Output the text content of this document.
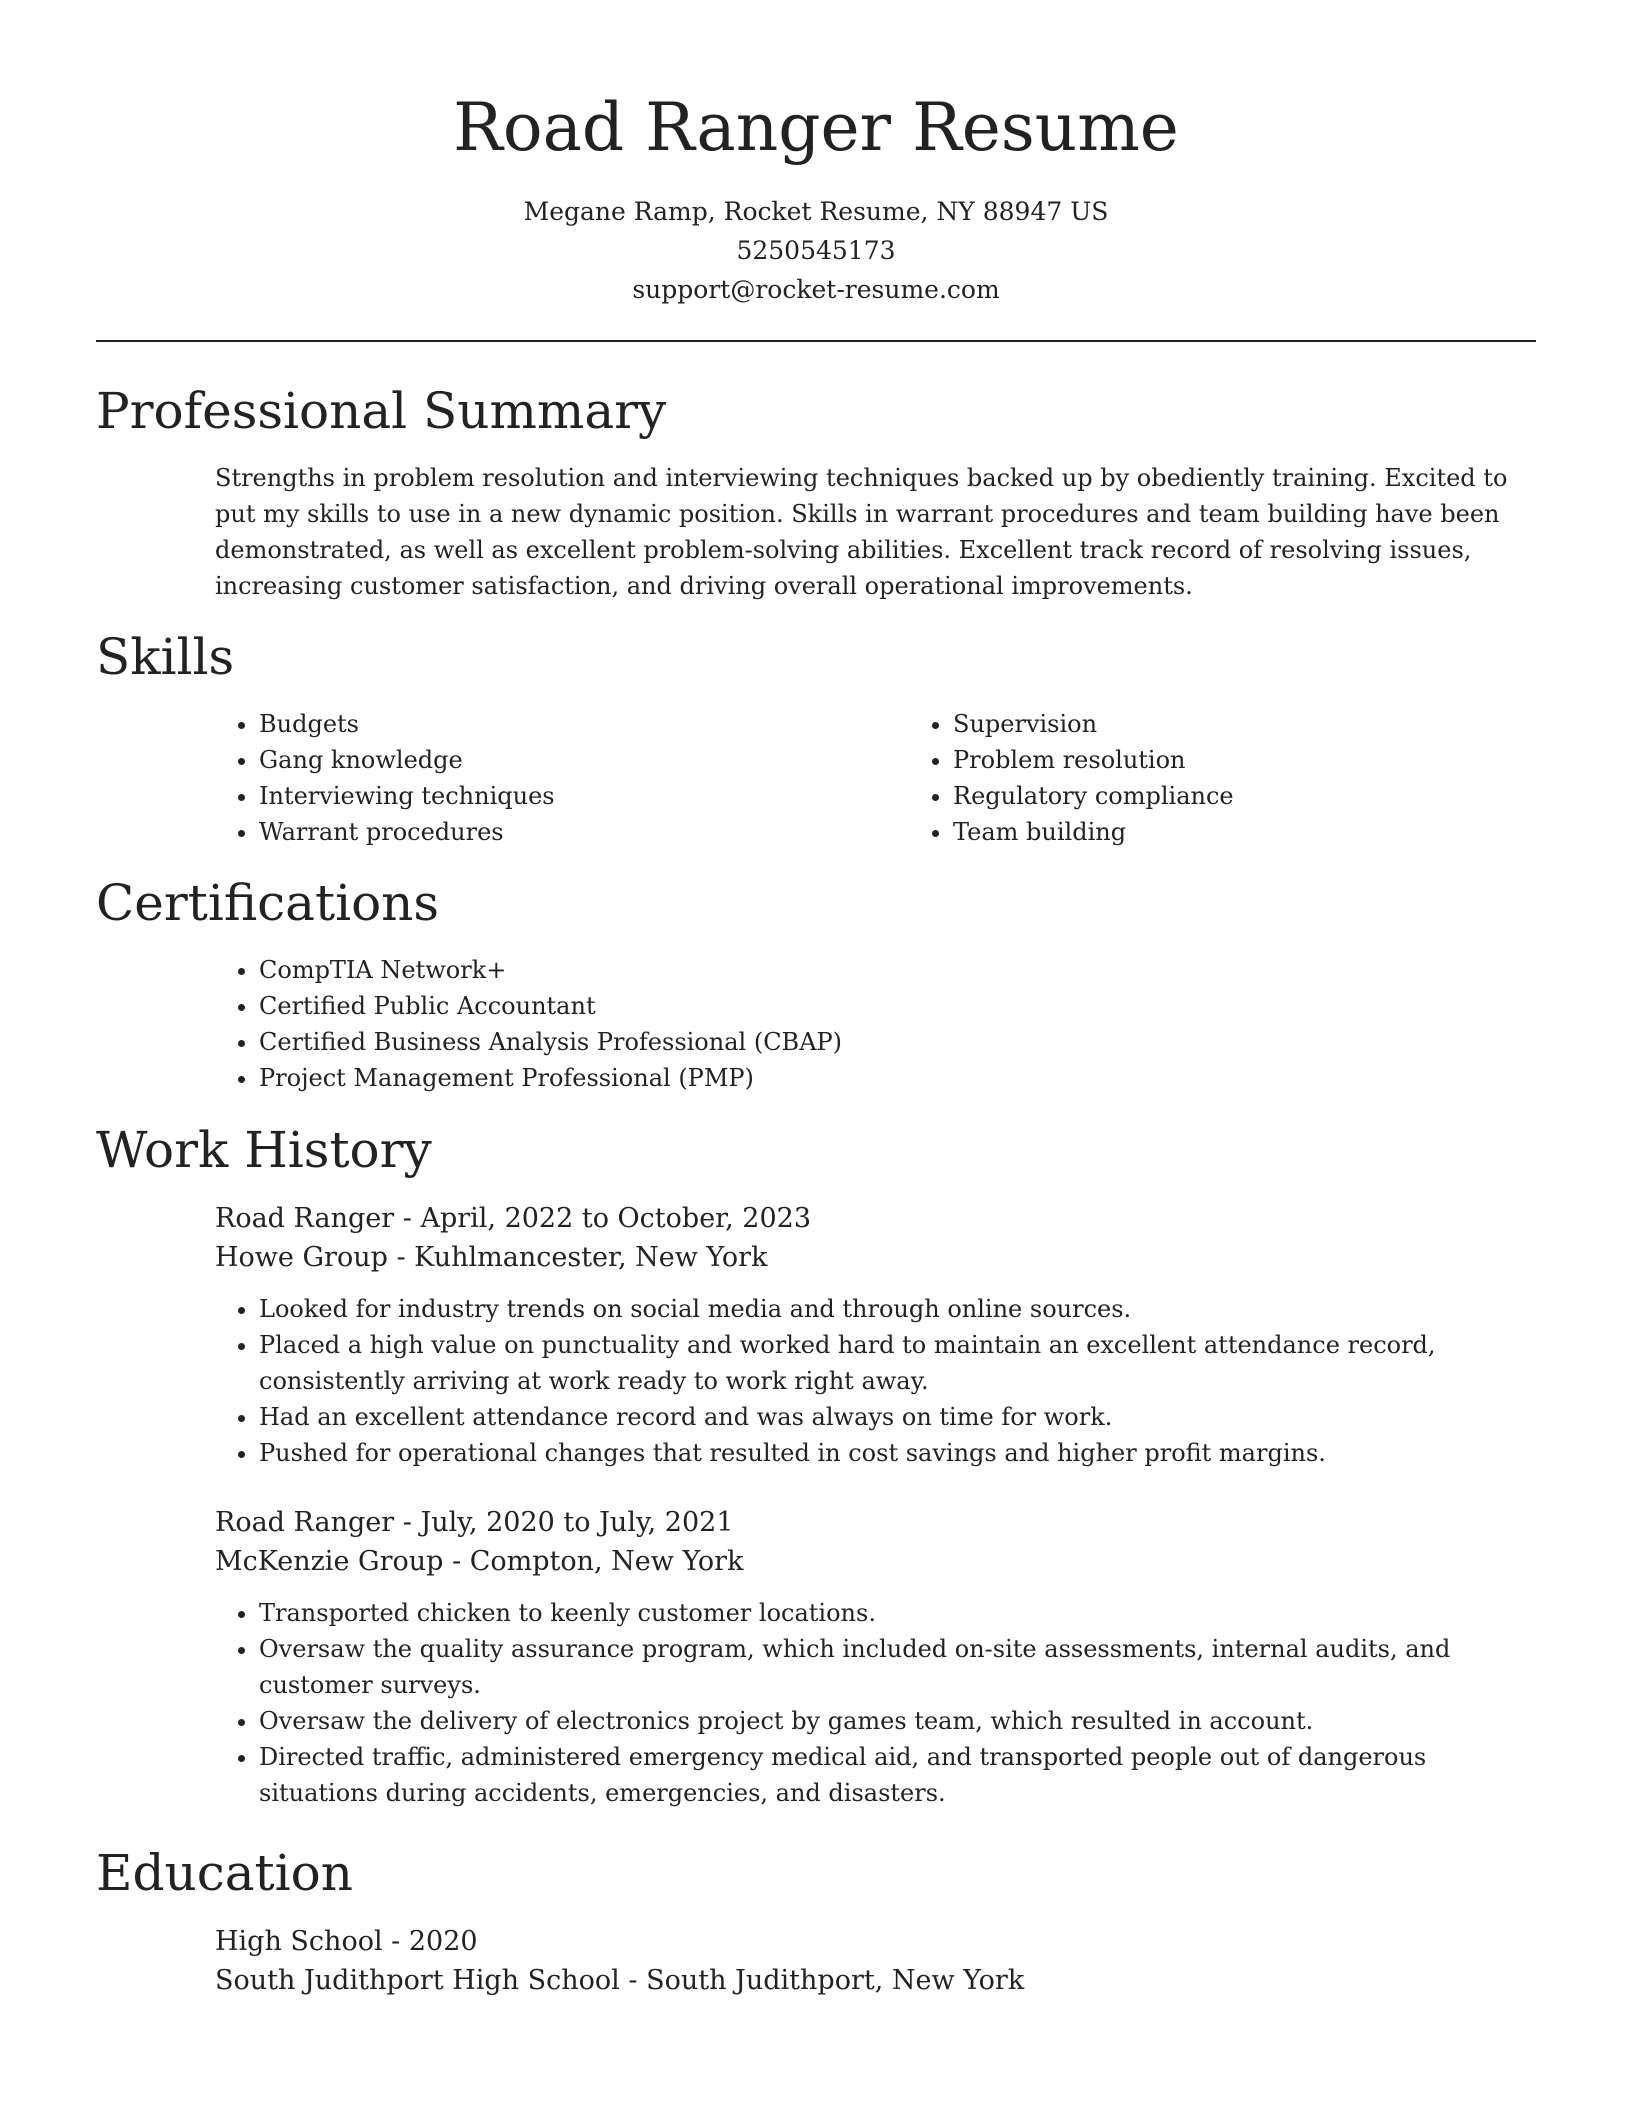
Road Ranger Resume
Megane Ramp, Rocket Resume, NY 88947 US
5250545173
support@rocket-resume.com
Professional Summary

Strengths in problem resolution and interviewing techniques backed up by obediently training. Excited to put my skills to use in a new dynamic position. Skills in warrant procedures and team building have been demonstrated, as well as excellent problem-solving abilities. Excellent track record of resolving issues, increasing customer satisfaction, and driving overall operational improvements.

Skills
• Budgets
• Gang knowledge
• Interviewing techniques
• Warrant procedures
• Supervision
• Problem resolution
• Regulatory compliance
• Team building
Certifications
• CompTIA Network+
• Certified Public Accountant
• Certified Business Analysis Professional (CBAP)
• Project Management Professional (PMP)
Work History
Road Ranger - April, 2022 to October, 2023
Howe Group - Kuhlmancester, New York
• Looked for industry trends on social media and through online sources.
• Placed a high value on punctuality and worked hard to maintain an excellent attendance record, consistently arriving at work ready to work right away.
• Had an excellent attendance record and was always on time for work.
• Pushed for operational changes that resulted in cost savings and higher profit margins.
Road Ranger - July, 2020 to July, 2021
McKenzie Group - Compton, New York
• Transported chicken to keenly customer locations.
• Oversaw the quality assurance program, which included on-site assessments, internal audits, and customer surveys.
• Oversaw the delivery of electronics project by games team, which resulted in account.
• Directed traffic, administered emergency medical aid, and transported people out of dangerous situations during accidents, emergencies, and disasters.
Education
High School - 2020
South Judithport High School - South Judithport, New York
